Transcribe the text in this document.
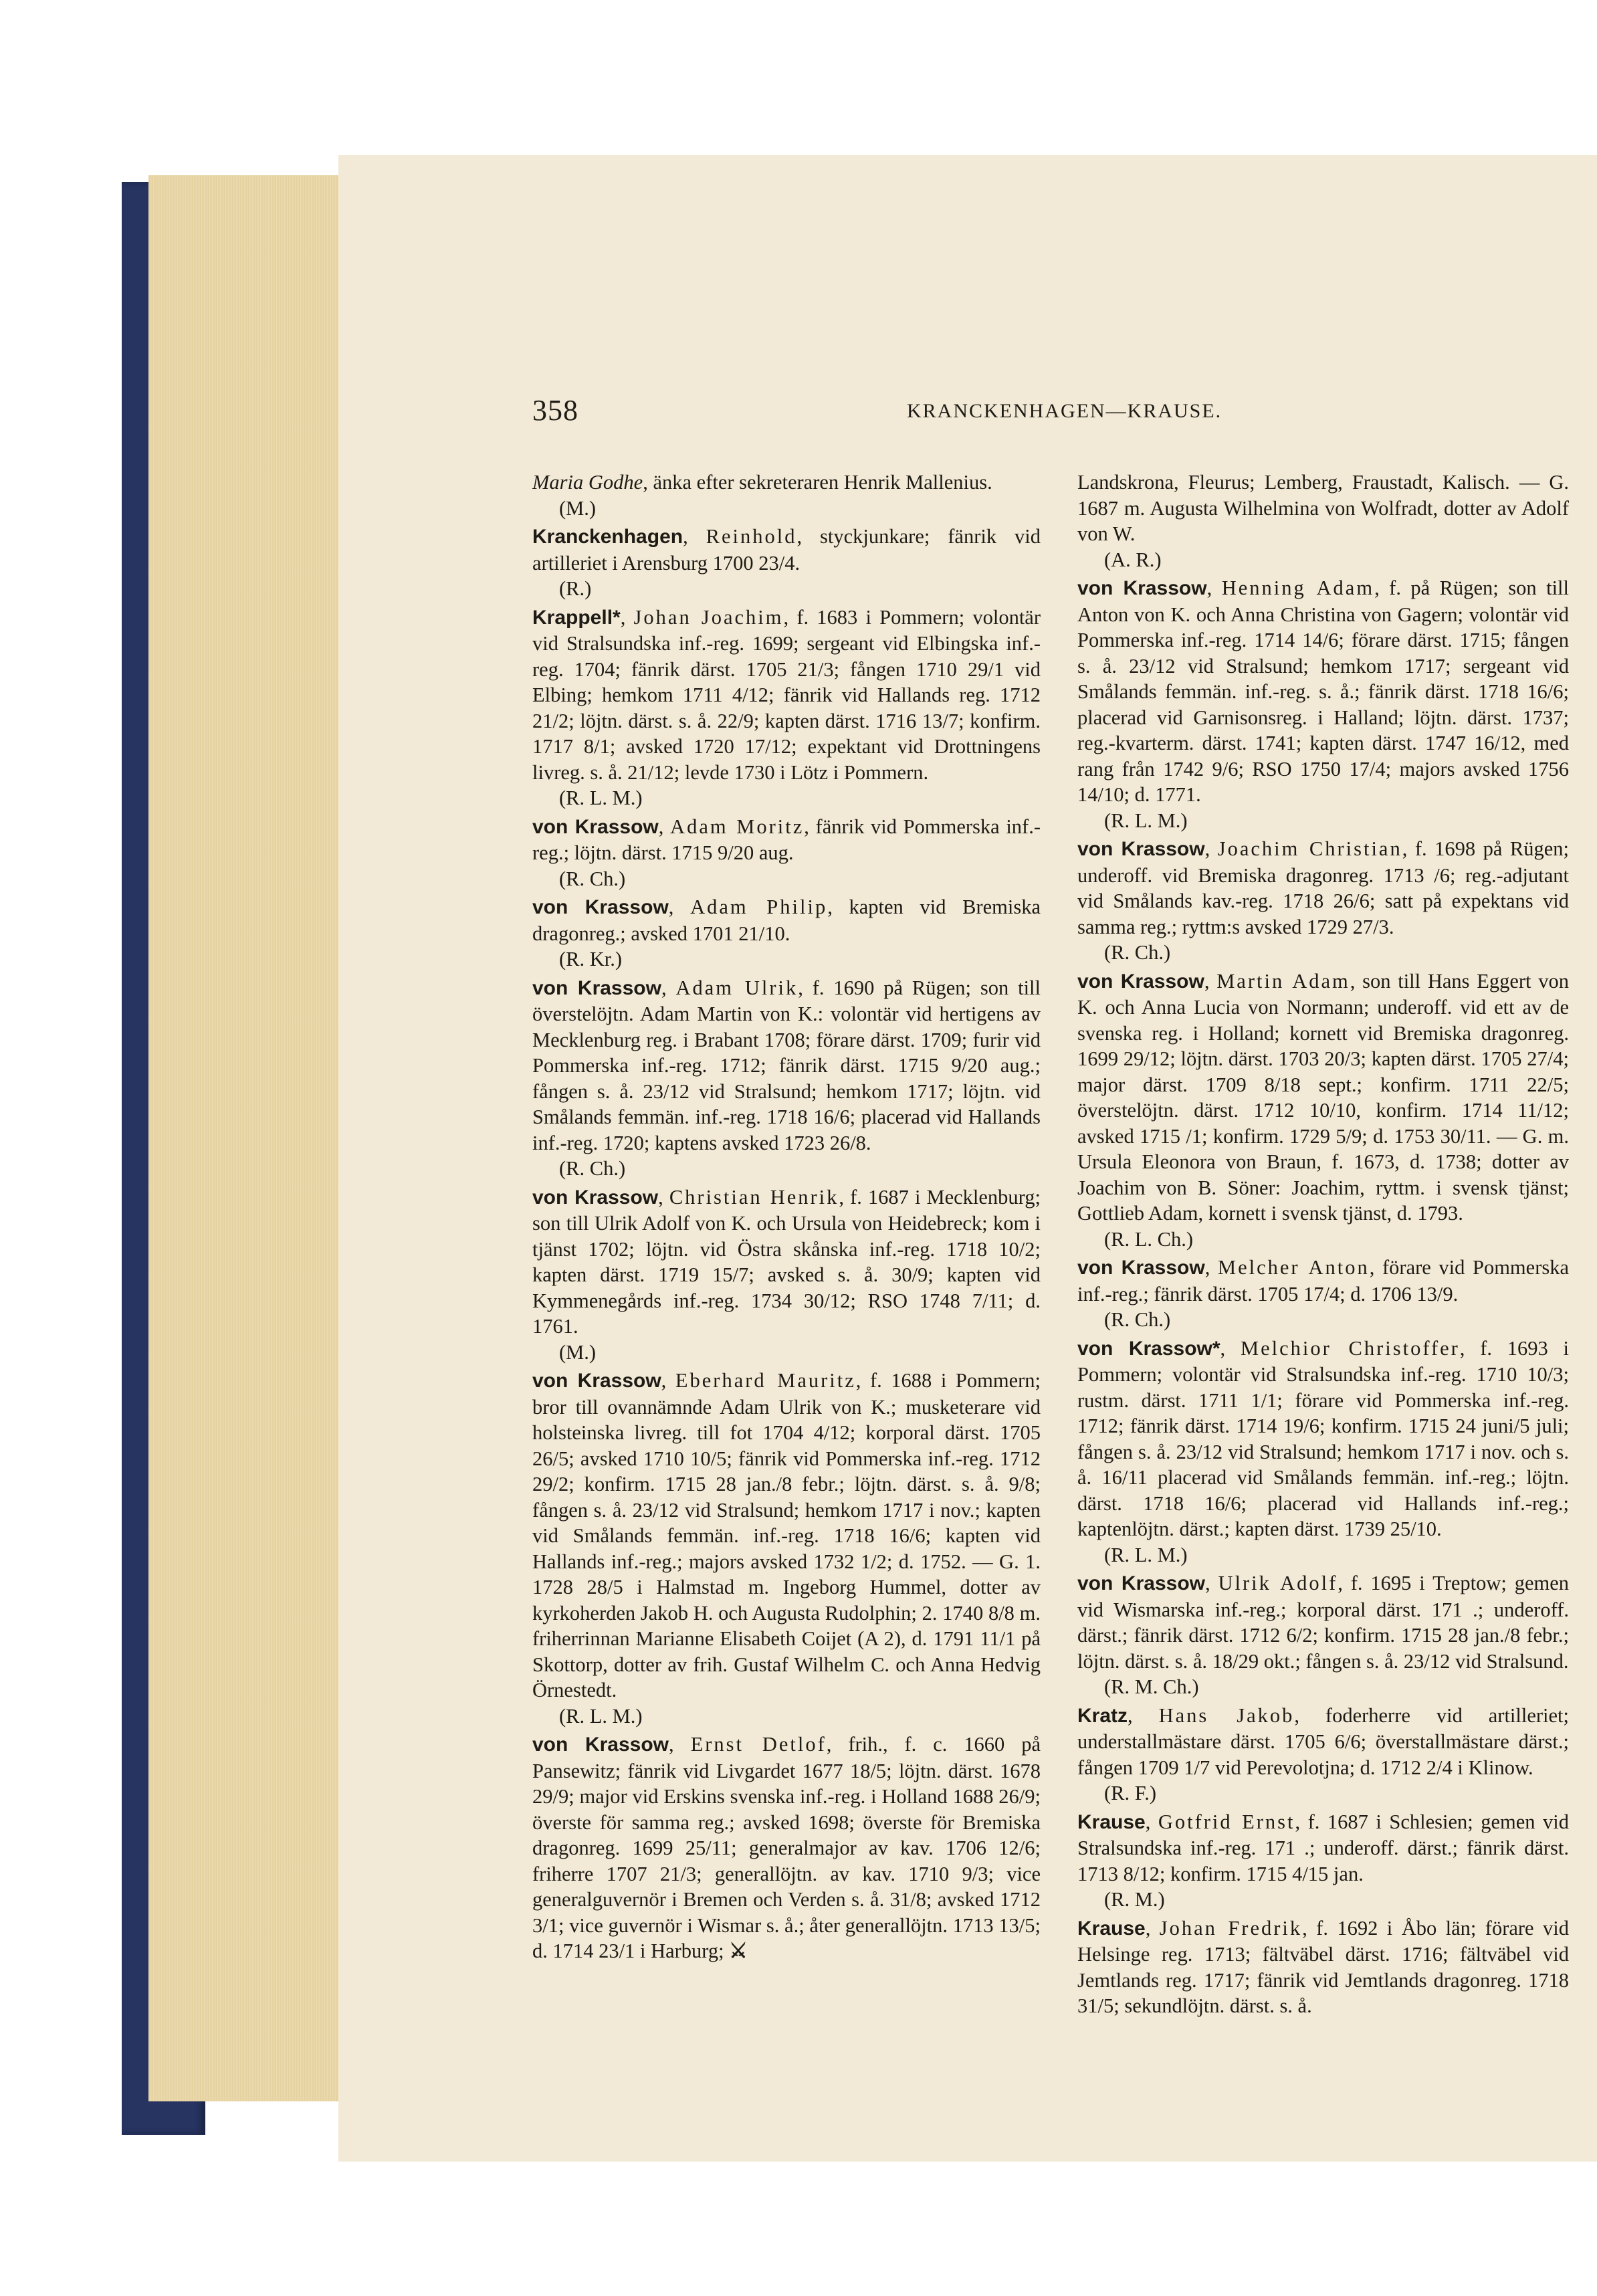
358	KRANCKENHAGEN—KRAUSE.

Maria Godhe, änka efter sekreteraren Henrik Mallenius.

(M.)

Kranckenhagen, Reinhold, styckjunkare; fänrik vid artilleriet i Arensburg 1700 23/4.

(R.)

Krappell*, Johan Joachim, f. 1683 i Pommern; volontär vid Stralsundska inf.-reg. 1699; sergeant vid Elbingska inf.-reg. 1704; fänrik därst. 1705 21/3; fången 1710 29/1 vid Elbing; hemkom 1711 4/12; fänrik vid Hallands reg. 1712 21/2; löjtn. därst. s. å. 22/9; kapten därst. 1716 13/7; konfirm. 1717 8/1; avsked 1720 17/12; expektant vid Drottningens livreg. s. å. 21/12; levde 1730 i Lötz i Pommern.

(R. L. M.)

von Krassow, Adam Moritz, fänrik vid Pommerska inf.-reg.; löjtn. därst. 1715 9/20 aug.

(R. Ch.)

von Krassow, Adam Philip, kapten vid Bremiska dragonreg.; avsked 1701 21/10.

(R. Kr.)

von Krassow, Adam Ulrik, f. 1690 på Rügen; son till överstelöjtn. Adam Martin von K.: volontär vid hertigens av Mecklenburg reg. i Brabant 1708; förare därst. 1709; furir vid Pommerska inf.-reg. 1712; fänrik därst. 1715 9/20 aug.; fången s. å. 23/12 vid Stralsund; hemkom 1717; löjtn. vid Smålands femmän. inf.-reg. 1718 16/6; placerad vid Hallands inf.-reg. 1720; kaptens avsked 1723 26/8.

(R. Ch.)

von Krassow, Christian Henrik, f. 1687 i Mecklenburg; son till Ulrik Adolf von K. och Ursula von Heidebreck; kom i tjänst 1702; löjtn. vid Östra skånska inf.-reg. 1718 10/2; kapten därst. 1719 15/7; avsked s. å. 30/9; kapten vid Kymmenegårds inf.-reg. 1734 30/12; RSO 1748 7/11; d. 1761.

(M.)

von Krassow, Eberhard Mauritz, f. 1688 i Pommern; bror till ovannämnde Adam Ulrik von K.; musketerare vid holsteinska livreg. till fot 1704 4/12; korporal därst. 1705 26/5; avsked 1710 10/5; fänrik vid Pommerska inf.-reg. 1712 29/2; konfirm. 1715 28 jan./8 febr.; löjtn. därst. s. å. 9/8; fången s. å. 23/12 vid Stralsund; hemkom 1717 i nov.; kapten vid Smålands femmän. inf.-reg. 1718 16/6; kapten vid Hallands inf.-reg.; majors avsked 1732 1/2; d. 1752. — G. 1. 1728 28/5 i Halmstad m. Ingeborg Hummel, dotter av kyrkoherden Jakob H. och Augusta Rudolphin; 2. 1740 8/8 m. friherrinnan Marianne Elisabeth Coijet (A 2), d. 1791 11/1 på Skottorp, dotter av frih. Gustaf Wilhelm C. och Anna Hedvig Örnestedt.

(R. L. M.)

von Krassow, Ernst Detlof, frih., f. c. 1660 på Pansewitz; fänrik vid Livgardet 1677 18/5; löjtn. därst. 1678 29/9; major vid Erskins svenska inf.-reg. i Holland 1688 26/9; överste för samma reg.; avsked 1698; överste för Bremiska dragonreg. 1699 25/11; generalmajor av kav. 1706 12/6; friherre 1707 21/3; generallöjtn. av kav. 1710 9/3; vice generalguvernör i Bremen och Verden s. å. 31/8; avsked 1712 3/1; vice guvernör i Wismar s. å.; åter generallöjtn. 1713 13/5; d. 1714 23/1 i Harburg; ⚔

Landskrona, Fleurus; Lemberg, Fraustadt, Kalisch. — G. 1687 m. Augusta Wilhelmina von Wolfradt, dotter av Adolf von W.

(A. R.)

von Krassow, Henning Adam, f. på Rügen; son till Anton von K. och Anna Christina von Gagern; volontär vid Pommerska inf.-reg. 1714 14/6; förare därst. 1715; fången s. å. 23/12 vid Stralsund; hemkom 1717; sergeant vid Smålands femmän. inf.-reg. s. å.; fänrik därst. 1718 16/6; placerad vid Garnisonsreg. i Halland; löjtn. därst. 1737; reg.-kvarterm. därst. 1741; kapten därst. 1747 16/12, med rang från 1742 9/6; RSO 1750 17/4; majors avsked 1756 14/10; d. 1771.

(R. L. M.)

von Krassow, Joachim Christian, f. 1698 på Rügen; underoff. vid Bremiska dragonreg. 1713 /6; reg.-adjutant vid Smålands kav.-reg. 1718 26/6; satt på expektans vid samma reg.; ryttm:s avsked 1729 27/3.

(R. Ch.)

von Krassow, Martin Adam, son till Hans Eggert von K. och Anna Lucia von Normann; underoff. vid ett av de svenska reg. i Holland; kornett vid Bremiska dragonreg. 1699 29/12; löjtn. därst. 1703 20/3; kapten därst. 1705 27/4; major därst. 1709 8/18 sept.; konfirm. 1711 22/5; överstelöjtn. därst. 1712 10/10, konfirm. 1714 11/12; avsked 1715 /1; konfirm. 1729 5/9; d. 1753 30/11. — G. m. Ursula Eleonora von Braun, f. 1673, d. 1738; dotter av Joachim von B. Söner: Joachim, ryttm. i svensk tjänst; Gottlieb Adam, kornett i svensk tjänst, d. 1793.

(R. L. Ch.)

von Krassow, Melcher Anton, förare vid Pommerska inf.-reg.; fänrik därst. 1705 17/4; d. 1706 13/9.

(R. Ch.)

von Krassow*, Melchior Christoffer, f. 1693 i Pommern; volontär vid Stralsundska inf.-reg. 1710 10/3; rustm. därst. 1711 1/1; förare vid Pommerska inf.-reg. 1712; fänrik därst. 1714 19/6; konfirm. 1715 24 juni/5 juli; fången s. å. 23/12 vid Stralsund; hemkom 1717 i nov. och s. å. 16/11 placerad vid Smålands femmän. inf.-reg.; löjtn. därst. 1718 16/6; placerad vid Hallands inf.-reg.; kaptenlöjtn. därst.; kapten därst. 1739 25/10.

(R. L. M.)

von Krassow, Ulrik Adolf, f. 1695 i Treptow; gemen vid Wismarska inf.-reg.; korporal därst. 171 .; underoff. därst.; fänrik därst. 1712 6/2; konfirm. 1715 28 jan./8 febr.; löjtn. därst. s. å. 18/29 okt.; fången s. å. 23/12 vid Stralsund.

(R. M. Ch.)

Kratz, Hans Jakob, foderherre vid artilleriet; understallmästare därst. 1705 6/6; överstallmästare därst.; fången 1709 1/7 vid Perevolotjna; d. 1712 2/4 i Klinow.

(R. F.)

Krause, Gotfrid Ernst, f. 1687 i Schlesien; gemen vid Stralsundska inf.-reg. 171 .; underoff. därst.; fänrik därst. 1713 8/12; konfirm. 1715 4/15 jan.

(R. M.)

Krause, Johan Fredrik, f. 1692 i Åbo län; förare vid Helsinge reg. 1713; fältväbel därst. 1716; fältväbel vid Jemtlands reg. 1717; fänrik vid Jemtlands dragonreg. 1718 31/5; sekundlöjtn. därst. s. å.
